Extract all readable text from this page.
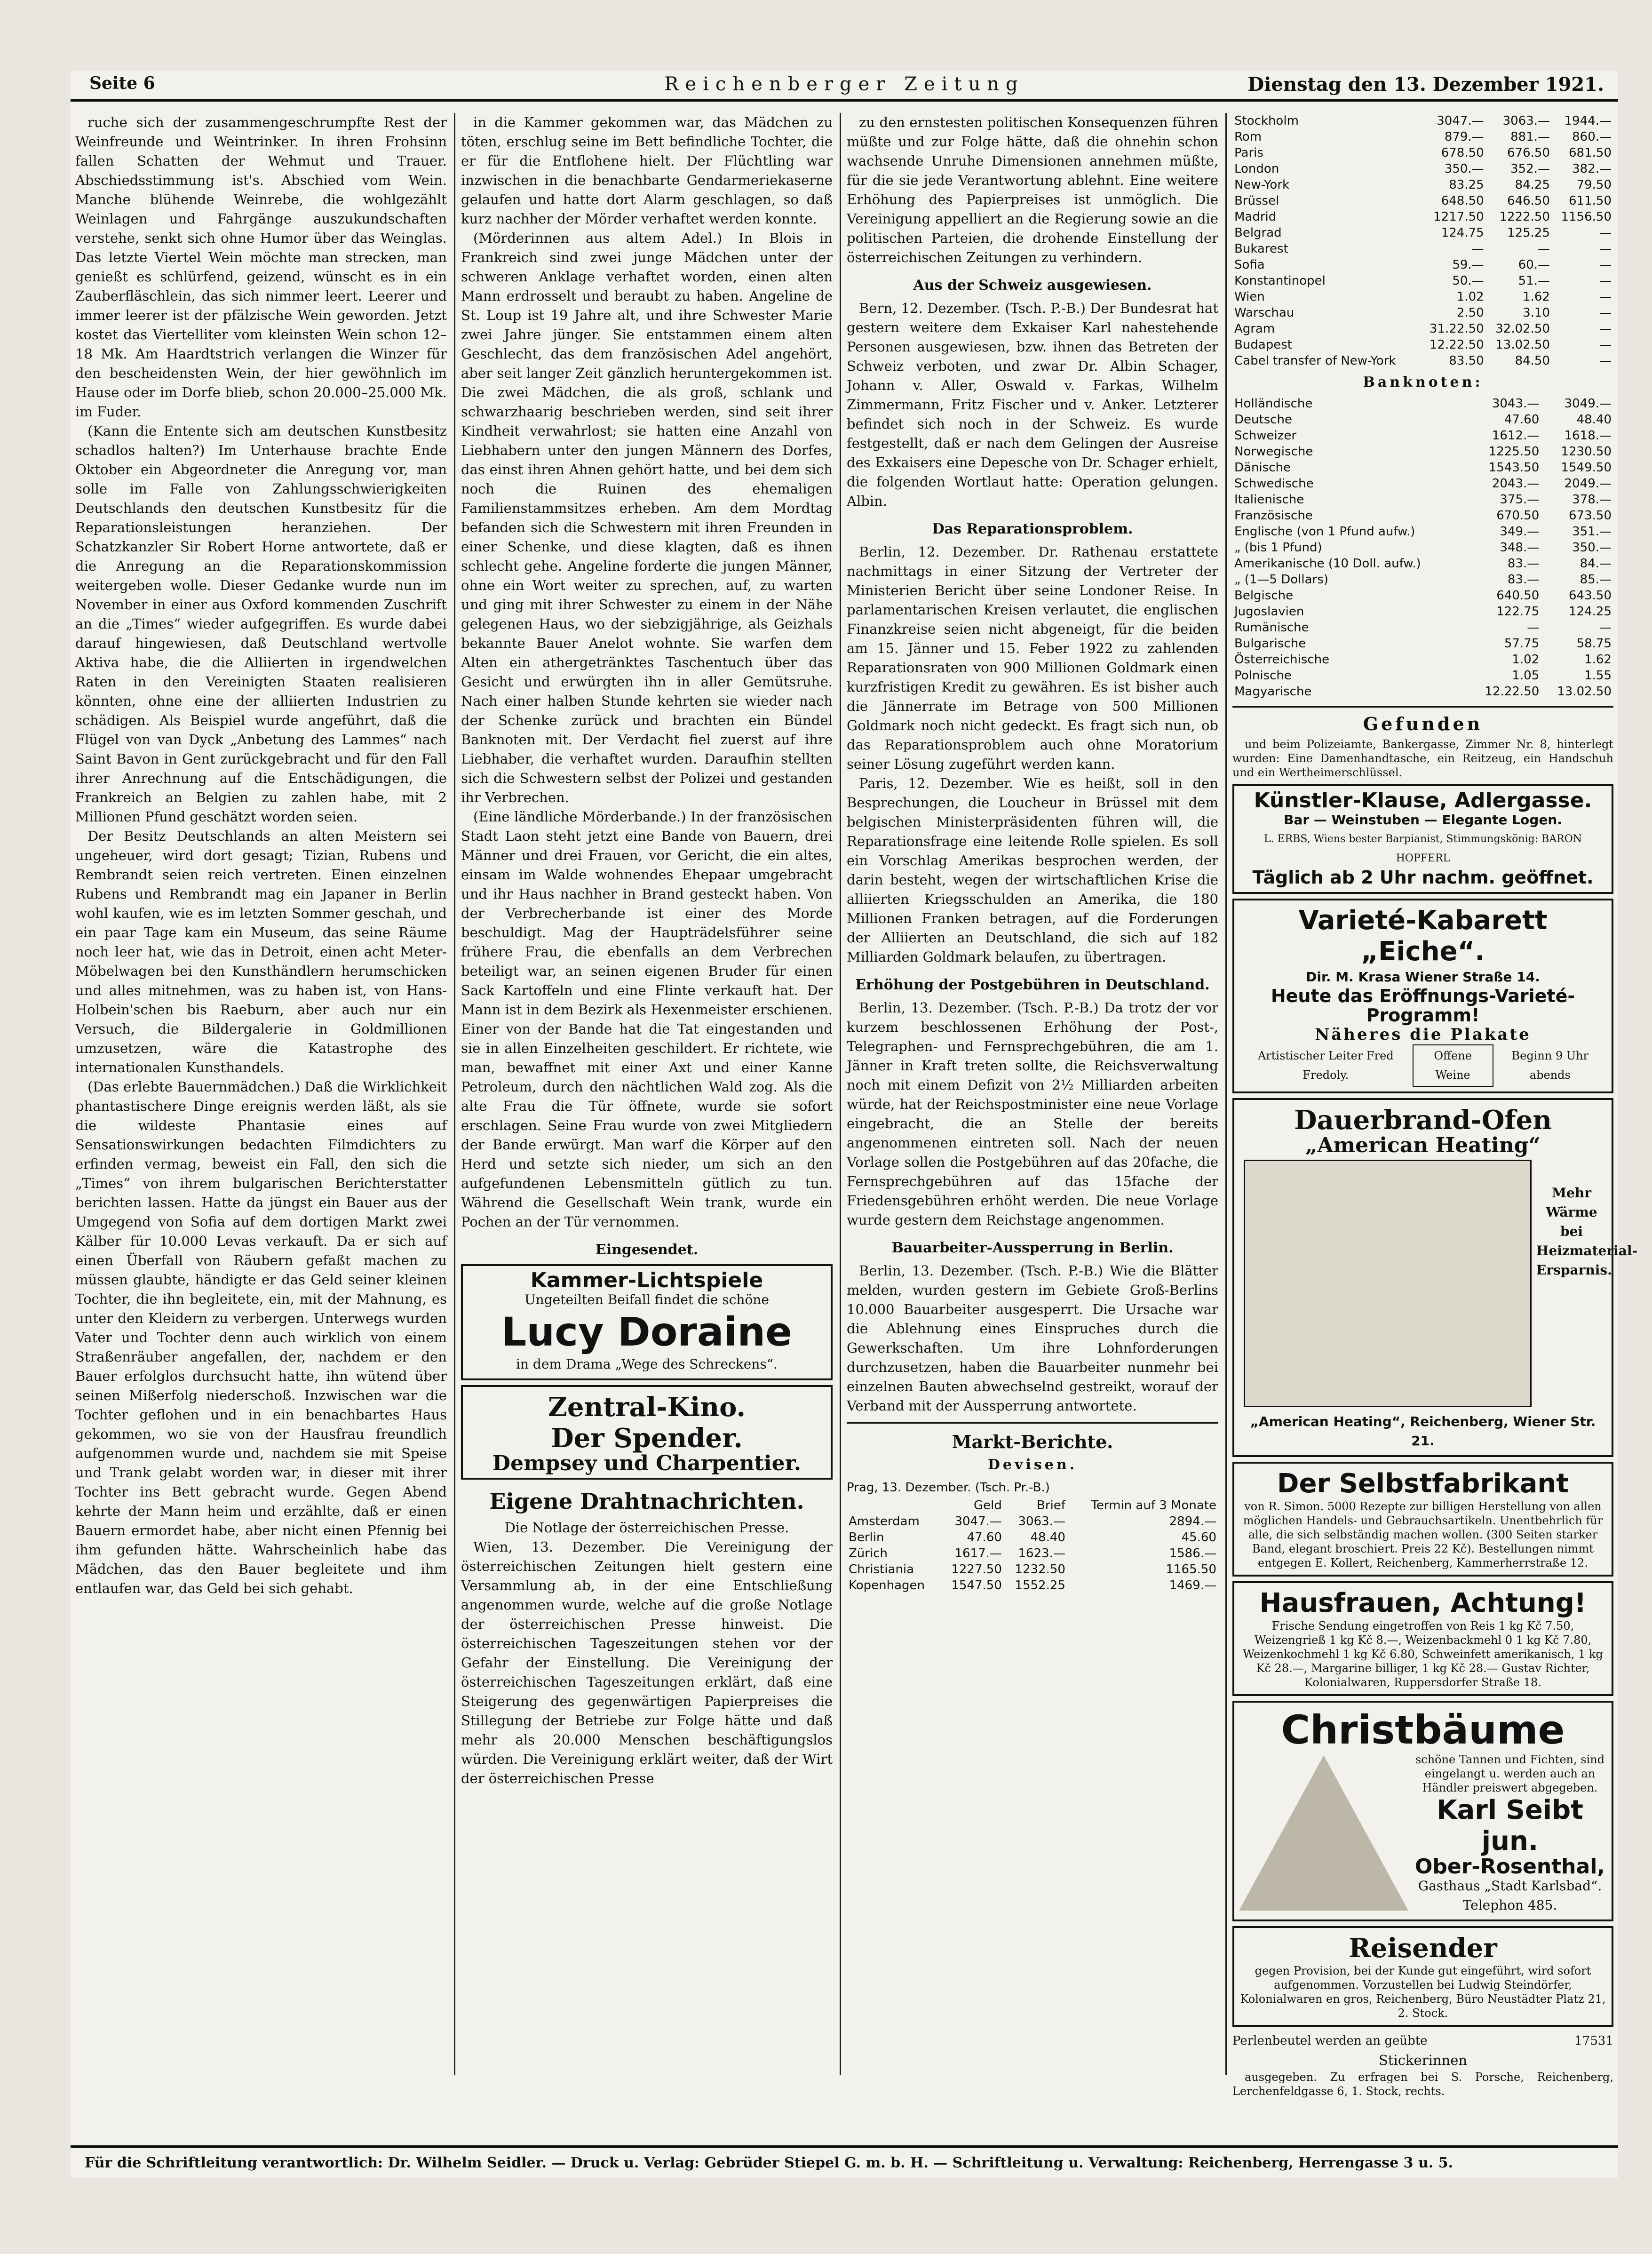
Seite 6	Reichenberger Zeitung	Dienstag den 13. Dezember 1921.

ruche sich der zusammengeschrumpfte Rest der Weinfreunde und Weintrinker. In ihren Frohsinn fallen Schatten der Wehmut und Trauer. Abschiedsstimmung ist's. Abschied vom Wein. Manche blühende Weinrebe, die wohlgezählt Weinlagen und Fahrgänge auszukundschaften verstehe, senkt sich ohne Humor über das Weinglas. Das letzte Viertel Wein möchte man strecken, man genießt es schlürfend, geizend, wünscht es in ein Zauberfläschlein, das sich nimmer leert. Leerer und immer leerer ist der pfälzische Wein geworden. Jetzt kostet das Viertelliter vom kleinsten Wein schon 12–18 Mk. Am Haardtstrich verlangen die Winzer für den bescheidensten Wein, der hier gewöhnlich im Hause oder im Dorfe blieb, schon 20.000–25.000 Mk. im Fuder.

(Kann die Entente sich am deutschen Kunstbesitz schadlos halten?) Im Unterhause brachte Ende Oktober ein Abgeordneter die Anregung vor, man solle im Falle von Zahlungsschwierigkeiten Deutschlands den deutschen Kunstbesitz für die Reparationsleistungen heranziehen. Der Schatzkanzler Sir Robert Horne antwortete, daß er die Anregung an die Reparationskommission weitergeben wolle. Dieser Gedanke wurde nun im November in einer aus Oxford kommenden Zuschrift an die „Times“ wieder aufgegriffen. Es wurde dabei darauf hingewiesen, daß Deutschland wertvolle Aktiva habe, die die Alliierten in irgendwelchen Raten in den Vereinigten Staaten realisieren könnten, ohne eine der alliierten Industrien zu schädigen. Als Beispiel wurde angeführt, daß die Flügel von van Dyck „Anbetung des Lammes“ nach Saint Bavon in Gent zurückgebracht und für den Fall ihrer Anrechnung auf die Entschädigungen, die Frankreich an Belgien zu zahlen habe, mit 2 Millionen Pfund geschätzt worden seien.

Der Besitz Deutschlands an alten Meistern sei ungeheuer, wird dort gesagt; Tizian, Rubens und Rembrandt seien reich vertreten. Einen einzelnen Rubens und Rembrandt mag ein Japaner in Berlin wohl kaufen, wie es im letzten Sommer geschah, und ein paar Tage kam ein Museum, das seine Räume noch leer hat, wie das in Detroit, einen acht Meter-Möbelwagen bei den Kunsthändlern herumschicken und alles mitnehmen, was zu haben ist, von Hans-Holbein'schen bis Raeburn, aber auch nur ein Versuch, die Bildergalerie in Goldmillionen umzusetzen, wäre die Katastrophe des internationalen Kunsthandels.

(Das erlebte Bauernmädchen.) Daß die Wirklichkeit phantastischere Dinge ereignis werden läßt, als sie die wildeste Phantasie eines auf Sensationswirkungen bedachten Filmdichters zu erfinden vermag, beweist ein Fall, den sich die „Times“ von ihrem bulgarischen Berichterstatter berichten lassen. Hatte da jüngst ein Bauer aus der Umgegend von Sofia auf dem dortigen Markt zwei Kälber für 10.000 Levas verkauft. Da er sich auf einen Überfall von Räubern gefaßt machen zu müssen glaubte, händigte er das Geld seiner kleinen Tochter, die ihn begleitete, ein, mit der Mahnung, es unter den Kleidern zu verbergen. Unterwegs wurden Vater und Tochter denn auch wirklich von einem Straßenräuber angefallen, der, nachdem er den Bauer erfolglos durchsucht hatte, ihn wütend über seinen Mißerfolg niederschoß. Inzwischen war die Tochter geflohen und in ein benachbartes Haus gekommen, wo sie von der Hausfrau freundlich aufgenommen wurde und, nachdem sie mit Speise und Trank gelabt worden war, in dieser mit ihrer Tochter ins Bett gebracht wurde. Gegen Abend kehrte der Mann heim und erzählte, daß er einen Bauern ermordet habe, aber nicht einen Pfennig bei ihm gefunden hätte. Wahrscheinlich habe das Mädchen, das den Bauer begleitete und ihm entlaufen war, das Geld bei sich gehabt.

in die Kammer gekommen war, das Mädchen zu töten, erschlug seine im Bett befindliche Tochter, die er für die Entflohene hielt. Der Flüchtling war inzwischen in die benachbarte Gendarmeriekaserne gelaufen und hatte dort Alarm geschlagen, so daß kurz nachher der Mörder verhaftet werden konnte.

(Mörderinnen aus altem Adel.) In Blois in Frankreich sind zwei junge Mädchen unter der schweren Anklage verhaftet worden, einen alten Mann erdrosselt und beraubt zu haben. Angeline de St. Loup ist 19 Jahre alt, und ihre Schwester Marie zwei Jahre jünger. Sie entstammen einem alten Geschlecht, das dem französischen Adel angehört, aber seit langer Zeit gänzlich heruntergekommen ist. Die zwei Mädchen, die als groß, schlank und schwarzhaarig beschrieben werden, sind seit ihrer Kindheit verwahrlost; sie hatten eine Anzahl von Liebhabern unter den jungen Männern des Dorfes, das einst ihren Ahnen gehört hatte, und bei dem sich noch die Ruinen des ehemaligen Familienstammsitzes erheben. Am dem Mordtag befanden sich die Schwestern mit ihren Freunden in einer Schenke, und diese klagten, daß es ihnen schlecht gehe. Angeline forderte die jungen Männer, ohne ein Wort weiter zu sprechen, auf, zu warten und ging mit ihrer Schwester zu einem in der Nähe gelegenen Haus, wo der siebzigjährige, als Geizhals bekannte Bauer Anelot wohnte. Sie warfen dem Alten ein athergetränktes Taschentuch über das Gesicht und erwürgten ihn in aller Gemütsruhe. Nach einer halben Stunde kehrten sie wieder nach der Schenke zurück und brachten ein Bündel Banknoten mit. Der Verdacht fiel zuerst auf ihre Liebhaber, die verhaftet wurden. Daraufhin stellten sich die Schwestern selbst der Polizei und gestanden ihr Verbrechen.

(Eine ländliche Mörderbande.) In der französischen Stadt Laon steht jetzt eine Bande von Bauern, drei Männer und drei Frauen, vor Gericht, die ein altes, einsam im Walde wohnendes Ehepaar umgebracht und ihr Haus nachher in Brand gesteckt haben. Von der Verbrecherbande ist einer des Morde beschuldigt. Mag der Haupträdelsführer seine frühere Frau, die ebenfalls an dem Verbrechen beteiligt war, an seinen eigenen Bruder für einen Sack Kartoffeln und eine Flinte verkauft hat. Der Mann ist in dem Bezirk als Hexenmeister erschienen. Einer von der Bande hat die Tat eingestanden und sie in allen Einzelheiten geschildert. Er richtete, wie man, bewaffnet mit einer Axt und einer Kanne Petroleum, durch den nächtlichen Wald zog. Als die alte Frau die Tür öffnete, wurde sie sofort erschlagen. Seine Frau wurde von zwei Mitgliedern der Bande erwürgt. Man warf die Körper auf den Herd und setzte sich nieder, um sich an den aufgefundenen Lebensmitteln gütlich zu tun. Während die Gesellschaft Wein trank, wurde ein Pochen an der Tür vernommen.

Eingesendet.
Kammer-Lichtspiele
Ungeteilten Beifall findet die schöne
Lucy Doraine
in dem Drama „Wege des Schreckens“.
Zentral-Kino.
Der Spender.
Dempsey und Charpentier.
Eigene Drahtnachrichten.
Die Notlage der österreichischen Presse.

Wien, 13. Dezember. Die Vereinigung der österreichischen Zeitungen hielt gestern eine Versammlung ab, in der eine Entschließung angenommen wurde, welche auf die große Notlage der österreichischen Presse hinweist. Die österreichischen Tageszeitungen stehen vor der Gefahr der Einstellung. Die Vereinigung der österreichischen Tageszeitungen erklärt, daß eine Steigerung des gegenwärtigen Papierpreises die Stillegung der Betriebe zur Folge hätte und daß mehr als 20.000 Menschen beschäftigungslos würden. Die Vereinigung erklärt weiter, daß der Wirt der österreichischen Presse

zu den ernstesten politischen Konsequenzen führen müßte und zur Folge hätte, daß die ohnehin schon wachsende Unruhe Dimensionen annehmen müßte, für die sie jede Verantwortung ablehnt. Eine weitere Erhöhung des Papierpreises ist unmöglich. Die Vereinigung appelliert an die Regierung sowie an die politischen Parteien, die drohende Einstellung der österreichischen Zeitungen zu verhindern.

Aus der Schweiz ausgewiesen.

Bern, 12. Dezember. (Tsch. P.-B.) Der Bundesrat hat gestern weitere dem Exkaiser Karl nahestehende Personen ausgewiesen, bzw. ihnen das Betreten der Schweiz verboten, und zwar Dr. Albin Schager, Johann v. Aller, Oswald v. Farkas, Wilhelm Zimmermann, Fritz Fischer und v. Anker. Letzterer befindet sich noch in der Schweiz. Es wurde festgestellt, daß er nach dem Gelingen der Ausreise des Exkaisers eine Depesche von Dr. Schager erhielt, die folgenden Wortlaut hatte: Operation gelungen. Albin.

Das Reparationsproblem.

Berlin, 12. Dezember. Dr. Rathenau erstattete nachmittags in einer Sitzung der Vertreter der Ministerien Bericht über seine Londoner Reise. In parlamentarischen Kreisen verlautet, die englischen Finanzkreise seien nicht abgeneigt, für die beiden am 15. Jänner und 15. Feber 1922 zu zahlenden Reparationsraten von 900 Millionen Goldmark einen kurzfristigen Kredit zu gewähren. Es ist bisher auch die Jännerrate im Betrage von 500 Millionen Goldmark noch nicht gedeckt. Es fragt sich nun, ob das Reparationsproblem auch ohne Moratorium seiner Lösung zugeführt werden kann.

Paris, 12. Dezember. Wie es heißt, soll in den Besprechungen, die Loucheur in Brüssel mit dem belgischen Ministerpräsidenten führen will, die Reparationsfrage eine leitende Rolle spielen. Es soll ein Vorschlag Amerikas besprochen werden, der darin besteht, wegen der wirtschaftlichen Krise die alliierten Kriegsschulden an Amerika, die 180 Millionen Franken betragen, auf die Forderungen der Alliierten an Deutschland, die sich auf 182 Milliarden Goldmark belaufen, zu übertragen.

Erhöhung der Postgebühren in Deutschland.

Berlin, 13. Dezember. (Tsch. P.-B.) Da trotz der vor kurzem beschlossenen Erhöhung der Post-, Telegraphen- und Fernsprechgebühren, die am 1. Jänner in Kraft treten sollte, die Reichsverwaltung noch mit einem Defizit von 2½ Milliarden arbeiten würde, hat der Reichspostminister eine neue Vorlage eingebracht, die an Stelle der bereits angenommenen eintreten soll. Nach der neuen Vorlage sollen die Postgebühren auf das 20fache, die Fernsprechgebühren auf das 15fache der Friedensgebühren erhöht werden. Die neue Vorlage wurde gestern dem Reichstage angenommen.

Bauarbeiter-Aussperrung in Berlin.

Berlin, 13. Dezember. (Tsch. P.-B.) Wie die Blätter melden, wurden gestern im Gebiete Groß-Berlins 10.000 Bauarbeiter ausgesperrt. Die Ursache war die Ablehnung eines Einspruches durch die Gewerkschaften. Um ihre Lohnforderungen durchzusetzen, haben die Bauarbeiter nunmehr bei einzelnen Bauten abwechselnd gestreikt, worauf der Verband mit der Aussperrung antwortete.

Markt-Berichte.
Devisen.
Prag, 13. Dezember. (Tsch. Pr.-B.)
	Geld	Brief	Termin auf 3 Monate
Amsterdam	3047.—	3063.—	2894.—
Berlin	47.60	48.40	45.60
Zürich	1617.—	1623.—	1586.—
Christiania	1227.50	1232.50	1165.50
Kopenhagen	1547.50	1552.25	1469.—
Stockholm	3047.—	3063.—	1944.—
Rom	879.—	881.—	860.—
Paris	678.50	676.50	681.50
London	350.—	352.—	382.—
New-York	83.25	84.25	79.50
Brüssel	648.50	646.50	611.50
Madrid	1217.50	1222.50	1156.50
Belgrad	124.75	125.25	—
Bukarest	—	—	—
Sofia	59.—	60.—	—
Konstantinopel	50.—	51.—	—
Wien	1.02	1.62	—
Warschau	2.50	3.10	—
Agram	31.22.50	32.02.50	—
Budapest	12.22.50	13.02.50	—
Cabel transfer of New-York	83.50	84.50	—
Banknoten:
Holländische	3043.—	3049.—
Deutsche	47.60	48.40
Schweizer	1612.—	1618.—
Norwegische	1225.50	1230.50
Dänische	1543.50	1549.50
Schwedische	2043.—	2049.—
Italienische	375.—	378.—
Französische	670.50	673.50
Englische (von 1 Pfund aufw.)	349.—	351.—
„ (bis 1 Pfund)	348.—	350.—
Amerikanische (10 Doll. aufw.)	83.—	84.—
„ (1—5 Dollars)	83.—	85.—
Belgische	640.50	643.50
Jugoslavien	122.75	124.25
Rumänische	—	—
Bulgarische	57.75	58.75
Österreichische	1.02	1.62
Polnische	1.05	1.55
Magyarische	12.22.50	13.02.50
Gefunden

und beim Polizeiamte, Bankergasse, Zimmer Nr. 8, hinterlegt wurden: Eine Damenhandtasche, ein Reitzeug, ein Handschuh und ein Wertheimerschlüssel.

Künstler-Klause, Adlergasse.
Bar — Weinstuben — Elegante Logen.
L. ERBS, Wiens bester Barpianist, Stimmungskönig: BARON HOPFERL
Täglich ab 2 Uhr nachm. geöffnet.
Varieté-Kabarett „Eiche“.
Dir. M. Krasa Wiener Straße 14.
Heute das Eröffnungs-Varieté-Programm!
Näheres die Plakate
Artistischer Leiter Fred Fredoly.
Offene Weine
Beginn 9 Uhr abends
Dauerbrand-Ofen
„American Heating“
Mehr Wärme bei Heizmaterial-Ersparnis.
„American Heating“, Reichenberg, Wiener Str. 21.
Der Selbstfabrikant

von R. Simon. 5000 Rezepte zur billigen Herstellung von allen möglichen Handels- und Gebrauchsartikeln. Unentbehrlich für alle, die sich selbständig machen wollen. (300 Seiten starker Band, elegant broschiert. Preis 22 Kč). Bestellungen nimmt entgegen E. Kollert, Reichenberg, Kammerherrstraße 12.

Hausfrauen, Achtung!

Frische Sendung eingetroffen von Reis 1 kg Kč 7.50, Weizengrieß 1 kg Kč 8.—, Weizenbackmehl 0 1 kg Kč 7.80, Weizenkochmehl 1 kg Kč 6.80, Schweinfett amerikanisch, 1 kg Kč 28.—, Margarine billiger, 1 kg Kč 28.— Gustav Richter, Kolonialwaren, Ruppersdorfer Straße 18.

Christbäume
schöne Tannen und Fichten, sind eingelangt u. werden auch an Händler preiswert abgegeben.
Karl Seibt jun.
Ober-Rosenthal,
Gasthaus „Stadt Karlsbad“. Telephon 485.
Reisender

gegen Provision, bei der Kunde gut eingeführt, wird sofort aufgenommen. Vorzustellen bei Ludwig Steindörfer, Kolonialwaren en gros, Reichenberg, Büro Neustädter Platz 21, 2. Stock.

Perlenbeutel werden an geübte	17531
Stickerinnen

ausgegeben. Zu erfragen bei S. Porsche, Reichenberg, Lerchenfeldgasse 6, 1. Stock, rechts.

Für die Schriftleitung verantwortlich: Dr. Wilhelm Seidler. — Druck u. Verlag: Gebrüder Stiepel G. m. b. H. — Schriftleitung u. Verwaltung: Reichenberg, Herrengasse 3 u. 5.
